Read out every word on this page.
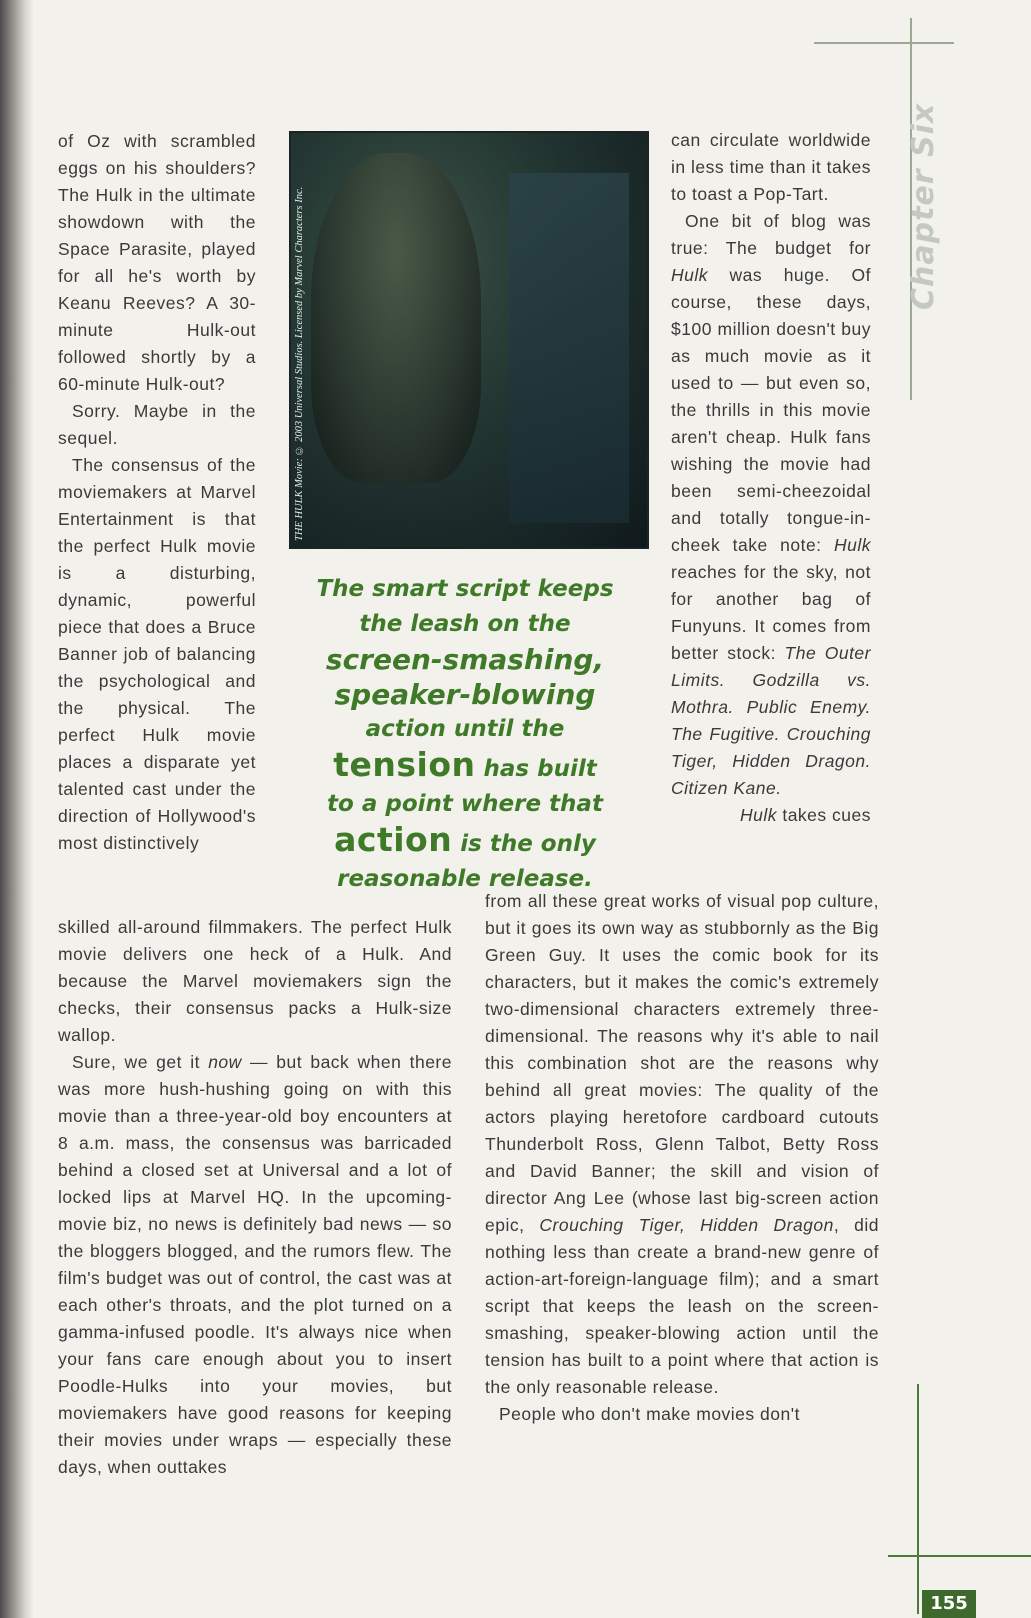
of Oz with scrambled eggs on his shoulders? The Hulk in the ultimate showdown with the Space Parasite, played for all he's worth by Keanu Reeves? A 30-minute Hulk-out followed shortly by a 60-minute Hulk-out?

Sorry. Maybe in the sequel.

The consensus of the moviemakers at Marvel Entertainment is that the perfect Hulk movie is a disturbing, dynamic, powerful piece that does a Bruce Banner job of balancing the psychological and the physical. The perfect Hulk movie places a disparate yet talented cast under the direction of Hollywood's most distinctively

THE HULK Movie: © 2003 Universal Studios. Licensed by Marvel Characters Inc.
The smart script keeps
the leash on the
screen-smashing,
speaker-blowing
action until the
tension has built
to a point where that
action is the only
reasonable release.

can circulate worldwide in less time than it takes to toast a Pop-Tart.

One bit of blog was true: The budget for Hulk was huge. Of course, these days, $100 million doesn't buy as much movie as it used to — but even so, the thrills in this movie aren't cheap. Hulk fans wishing the movie had been semi-cheezoidal and totally tongue-in-cheek take note: Hulk reaches for the sky, not for another bag of Funyuns. It comes from better stock: The Outer Limits. Godzilla vs. Mothra. Public Enemy. The Fugitive. Crouching Tiger, Hidden Dragon. Citizen Kane.

Hulk takes cues

skilled all-around filmmakers. The perfect Hulk movie delivers one heck of a Hulk. And because the Marvel moviemakers sign the checks, their consensus packs a Hulk-size wallop.

Sure, we get it now — but back when there was more hush-hushing going on with this movie than a three-year-old boy encounters at 8 a.m. mass, the consensus was barricaded behind a closed set at Universal and a lot of locked lips at Marvel HQ. In the upcoming-movie biz, no news is definitely bad news — so the bloggers blogged, and the rumors flew. The film's budget was out of control, the cast was at each other's throats, and the plot turned on a gamma-infused poodle. It's always nice when your fans care enough about you to insert Poodle-Hulks into your movies, but moviemakers have good reasons for keeping their movies under wraps — especially these days, when outtakes

from all these great works of visual pop culture, but it goes its own way as stubbornly as the Big Green Guy. It uses the comic book for its characters, but it makes the comic's extremely two-dimensional characters extremely three-dimensional. The reasons why it's able to nail this combination shot are the reasons why behind all great movies: The quality of the actors playing heretofore cardboard cutouts Thunderbolt Ross, Glenn Talbot, Betty Ross and David Banner; the skill and vision of director Ang Lee (whose last big-screen action epic, Crouching Tiger, Hidden Dragon, did nothing less than create a brand-new genre of action-art-foreign-language film); and a smart script that keeps the leash on the screen-smashing, speaker-blowing action until the tension has built to a point where that action is the only reasonable release.

People who don't make movies don't

Chapter Six
155
